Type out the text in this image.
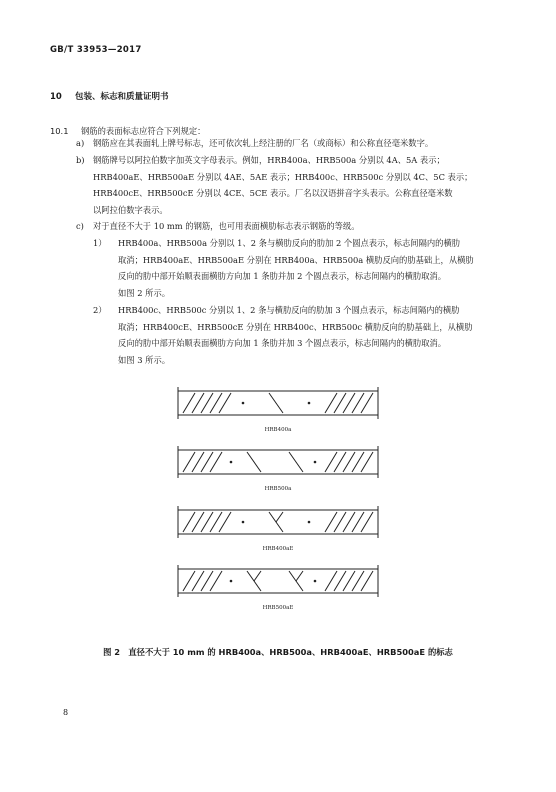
GB/T 33953—2017
10 包装、标志和质量证明书
10.1 钢筋的表面标志应符合下列规定：
a) 钢筋应在其表面轧上牌号标志，还可依次轧上经注册的厂名（或商标）和公称直径毫米数字。
b) 钢筋牌号以阿拉伯数字加英文字母表示。例如，HRB400a、HRB500a 分别以 4A、5A 表示；
HRB400aE、HRB500aE 分别以 4AE、5AE 表示；HRB400c、HRB500c 分别以 4C、5C 表示；
HRB400cE、HRB500cE 分别以 4CE、5CE 表示。厂名以汉语拼音字头表示。公称直径毫米数
以阿拉伯数字表示。
c) 对于直径不大于 10 mm 的钢筋，也可用表面横肋标志表示钢筋的等级。
1） HRB400a、HRB500a 分别以 1、2 条与横肋反向的肋加 2 个圆点表示，标志间隔内的横肋
取消；HRB400aE、HRB500aE 分别在 HRB400a、HRB500a 横肋反向的肋基础上，从横肋
反向的肋中部开始顺表面横肋方向加 1 条肋并加 2 个圆点表示，标志间隔内的横肋取消。
如图 2 所示。
2） HRB400c、HRB500c 分别以 1、2 条与横肋反向的肋加 3 个圆点表示，标志间隔内的横肋
取消；HRB400cE、HRB500cE 分别在 HRB400c、HRB500c 横肋反向的肋基础上，从横肋
反向的肋中部开始顺表面横肋方向加 1 条肋并加 3 个圆点表示，标志间隔内的横肋取消。
如图 3 所示。
HRB400a
HRB500a
HRB400aE
HRB500aE
图 2　直径不大于 10 mm 的 HRB400a、HRB500a、HRB400aE、HRB500aE 的标志
8
